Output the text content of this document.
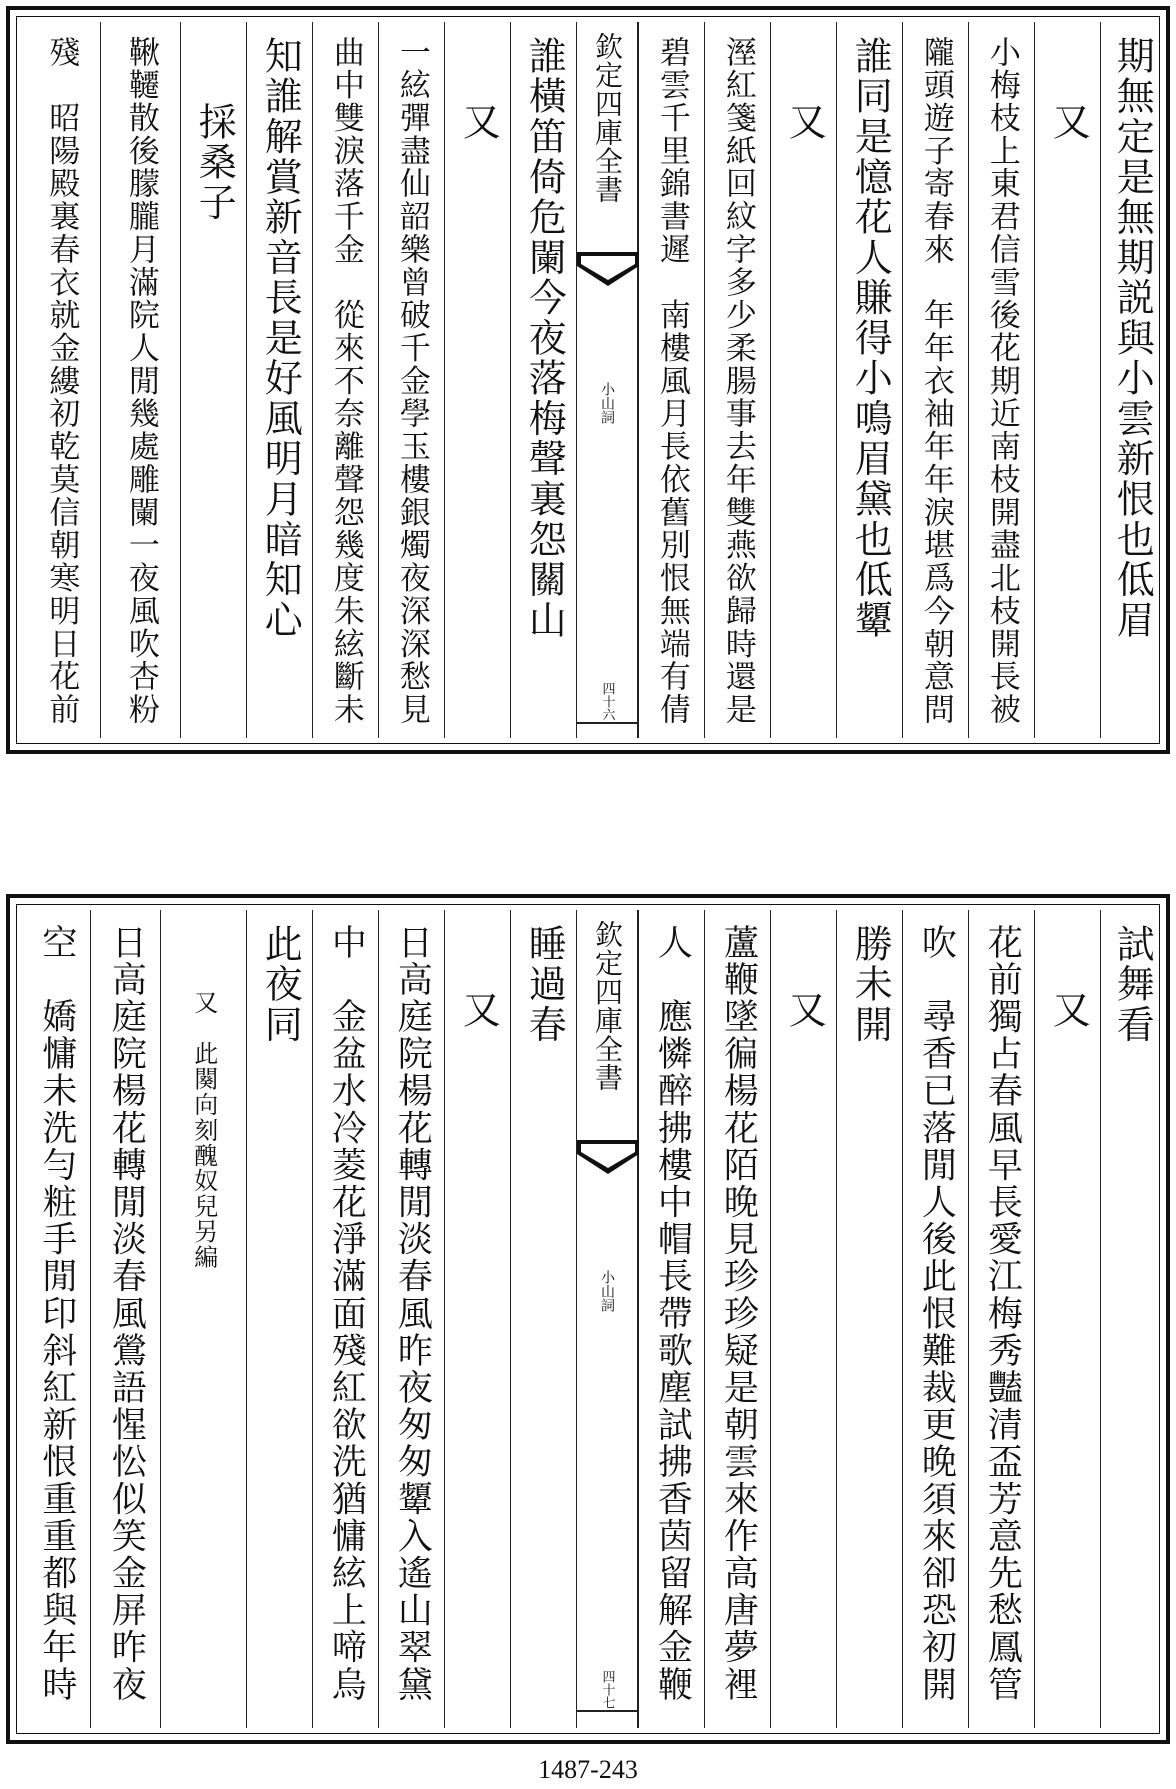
期無定是無期説與小雲新恨也低眉
又
小梅枝上東君信雪後花期近南枝開盡北枝開長被
隴頭遊子寄春來　年年衣袖年年淚堪爲今朝意問
誰同是憶花人賺得小鳴眉黛也低顰
又
溼紅箋紙回紋字多少柔腸事去年雙燕欲歸時還是
碧雲千里錦書遲　南樓風月長依舊別恨無端有倩
欽定四庫全書
小山詞
四十六
誰橫笛倚危闌今夜落梅聲裏怨關山
又
一絃彈盡仙韶樂曾破千金學玉樓銀燭夜深深愁見
曲中雙淚落千金　從來不奈離聲怨幾度朱絃斷未
知誰解賞新音長是好風明月暗知心
採桑子
鞦韆散後朦朧月滿院人閒幾處雕闌一夜風吹杏粉
殘　昭陽殿裏春衣就金縷初乾莫信朝寒明日花前
試舞看
又
花前獨占春風早長愛江梅秀豔清盃芳意先愁鳳管
吹　尋香已落閒人後此恨難裁更晚須來卻恐初開
勝未開
又
蘆鞭墜徧楊花陌晚見珍珍疑是朝雲來作高唐夢裡
人　應憐醉拂樓中帽長帶歌塵試拂香茵留解金鞭
欽定四庫全書
小山詞
四十七
睡過春
又
日高庭院楊花轉閒淡春風昨夜匆匆顰入遙山翠黛
中　金盆水冷菱花淨滿面殘紅欲洗猶慵絃上啼烏
此夜同
又　此闋向刻醜奴兒另編
日高庭院楊花轉閒淡春風鶯語惺忪似笑金屏昨夜
空　嬌慵未洗勻粧手閒印斜紅新恨重重都與年時
1487-243
